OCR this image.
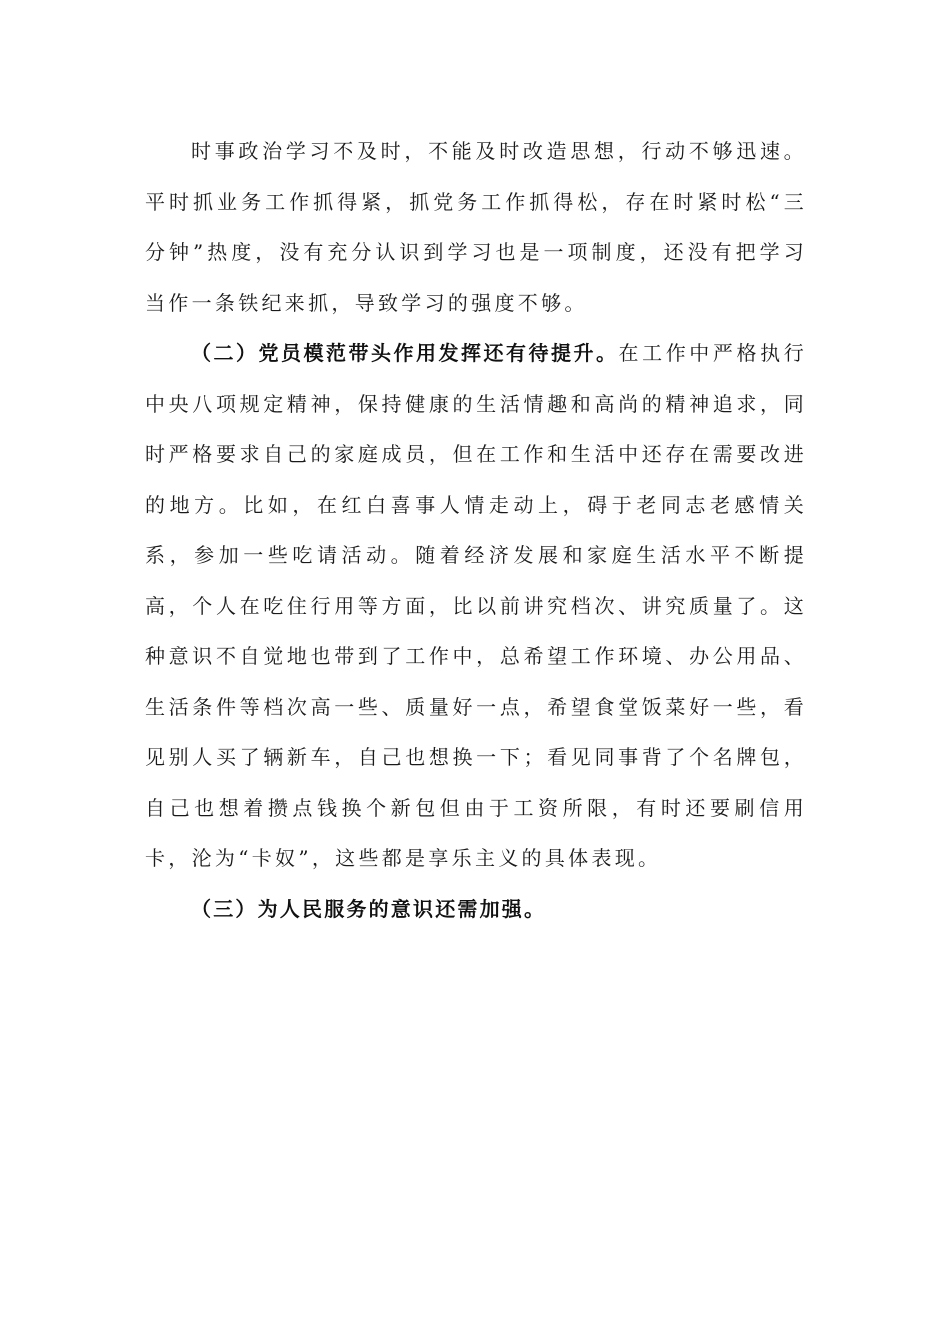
时事政治学习不及时，不能及时改造思想，行动不够迅速。平时抓业务工作抓得紧，抓党务工作抓得松，存在时紧时松“三分钟”热度，没有充分认识到学习也是一项制度，还没有把学习当作一条铁纪来抓，导致学习的强度不够。

（二）党员模范带头作用发挥还有待提升。在工作中严格执行中央八项规定精神，保持健康的生活情趣和高尚的精神追求，同时严格要求自己的家庭成员，但在工作和生活中还存在需要改进的地方。比如，在红白喜事人情走动上，碍于老同志老感情关系，参加一些吃请活动。随着经济发展和家庭生活水平不断提高，个人在吃住行用等方面，比以前讲究档次、讲究质量了。这种意识不自觉地也带到了工作中，总希望工作环境、办公用品、生活条件等档次高一些、质量好一点，希望食堂饭菜好一些，看见别人买了辆新车，自己也想换一下；看见同事背了个名牌包，自己也想着攒点钱换个新包但由于工资所限，有时还要刷信用卡，沦为“卡奴”，这些都是享乐主义的具体表现。

（三）为人民服务的意识还需加强。
